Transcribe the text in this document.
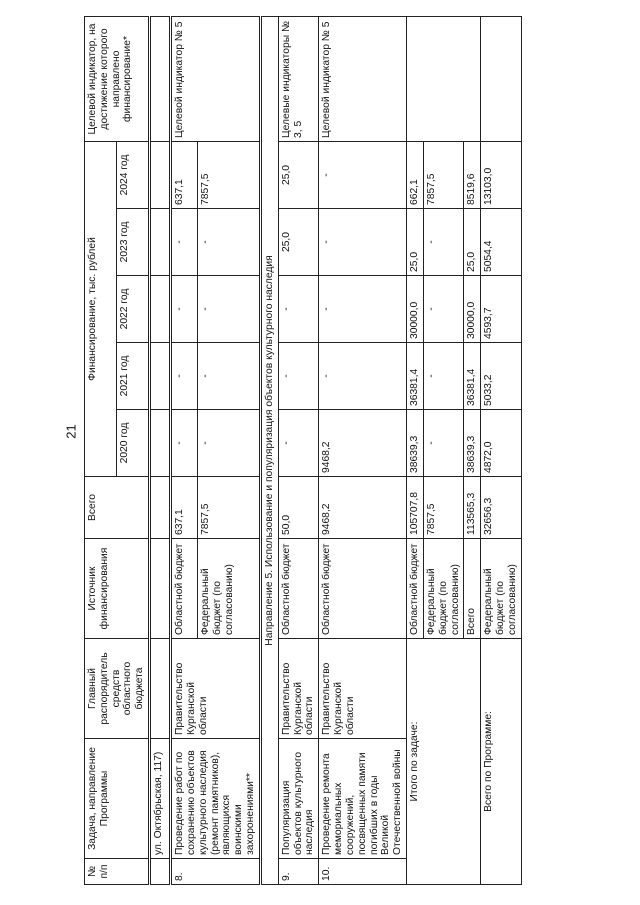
21
№ п/п	Задача, направление Программы	Главный распорядитель средств областного бюджета	Источник финансирования	Всего	Финансирование, тыс. рублей					Целевой индикатор, на достижение которого направлено финансирование*
					2020 год	2021 год	2022 год	2023 год	2024 год	
	ул. Октябрьская, 117)									
8.	Проведение работ по сохранению объектов культурного наследия (ремонт памятников), являющихся воинскими захоронениями**	Правительство Курганской области	Областной бюджет	637,1	-	-	-	-	637,1	Целевой индикатор № 5
			Федеральный бюджет (по согласованию)	7857,5	-	-	-	-	7857,5	
Направление 5. Использование и популяризация объектов культурного наследия										
9.	Популяризация объектов культурного наследия	Правительство Курганской области	Областной бюджет	50,0	-	-	-	25,0	25,0	Целевые индикаторы № 3, 5
10.	Проведение ремонта мемориальных сооружений, посвященных памяти погибших в годы Великой Отечественной войны	Правительство Курганской области	Областной бюджет	9468,2	9468,2	-	-	-	-	Целевой индикатор № 5
Итого по задаче:			Областной бюджет	105707,8	38639,3	36381,4	30000,0	25,0	662,1	
			Федеральный бюджет (по согласованию)	7857,5	-	-	-	-	7857,5	
			Всего	113565,3	38639,3	36381,4	30000,0	25,0	8519,6	
Всего по Программе:			Федеральный бюджет (по согласованию)	32656,3	4872,0	5033,2	4593,7	5054,4	13103,0	
